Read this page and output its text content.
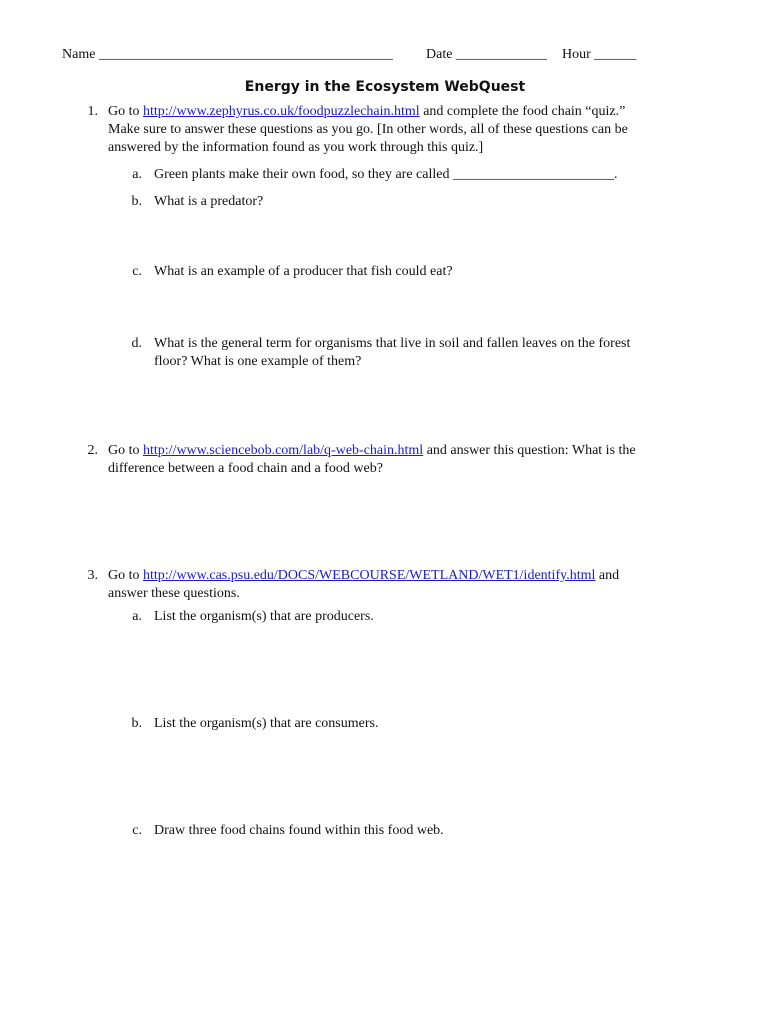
Name __________________________________________ Date _____________ Hour ______
Energy in the Ecosystem WebQuest
1. Go to http://www.zephyrus.co.uk/foodpuzzlechain.html and complete the food chain “quiz.”
Make sure to answer these questions as you go. [In other words, all of these questions can be
answered by the information found as you work through this quiz.]
a. Green plants make their own food, so they are called _______________________.
b. What is a predator?
c. What is an example of a producer that fish could eat?
d. What is the general term for organisms that live in soil and fallen leaves on the forest
floor? What is one example of them?
2. Go to http://www.sciencebob.com/lab/q-web-chain.html and answer this question: What is the
difference between a food chain and a food web?
3. Go to http://www.cas.psu.edu/DOCS/WEBCOURSE/WETLAND/WET1/identify.html and
answer these questions.
a. List the organism(s) that are producers.
b. List the organism(s) that are consumers.
c. Draw three food chains found within this food web.
